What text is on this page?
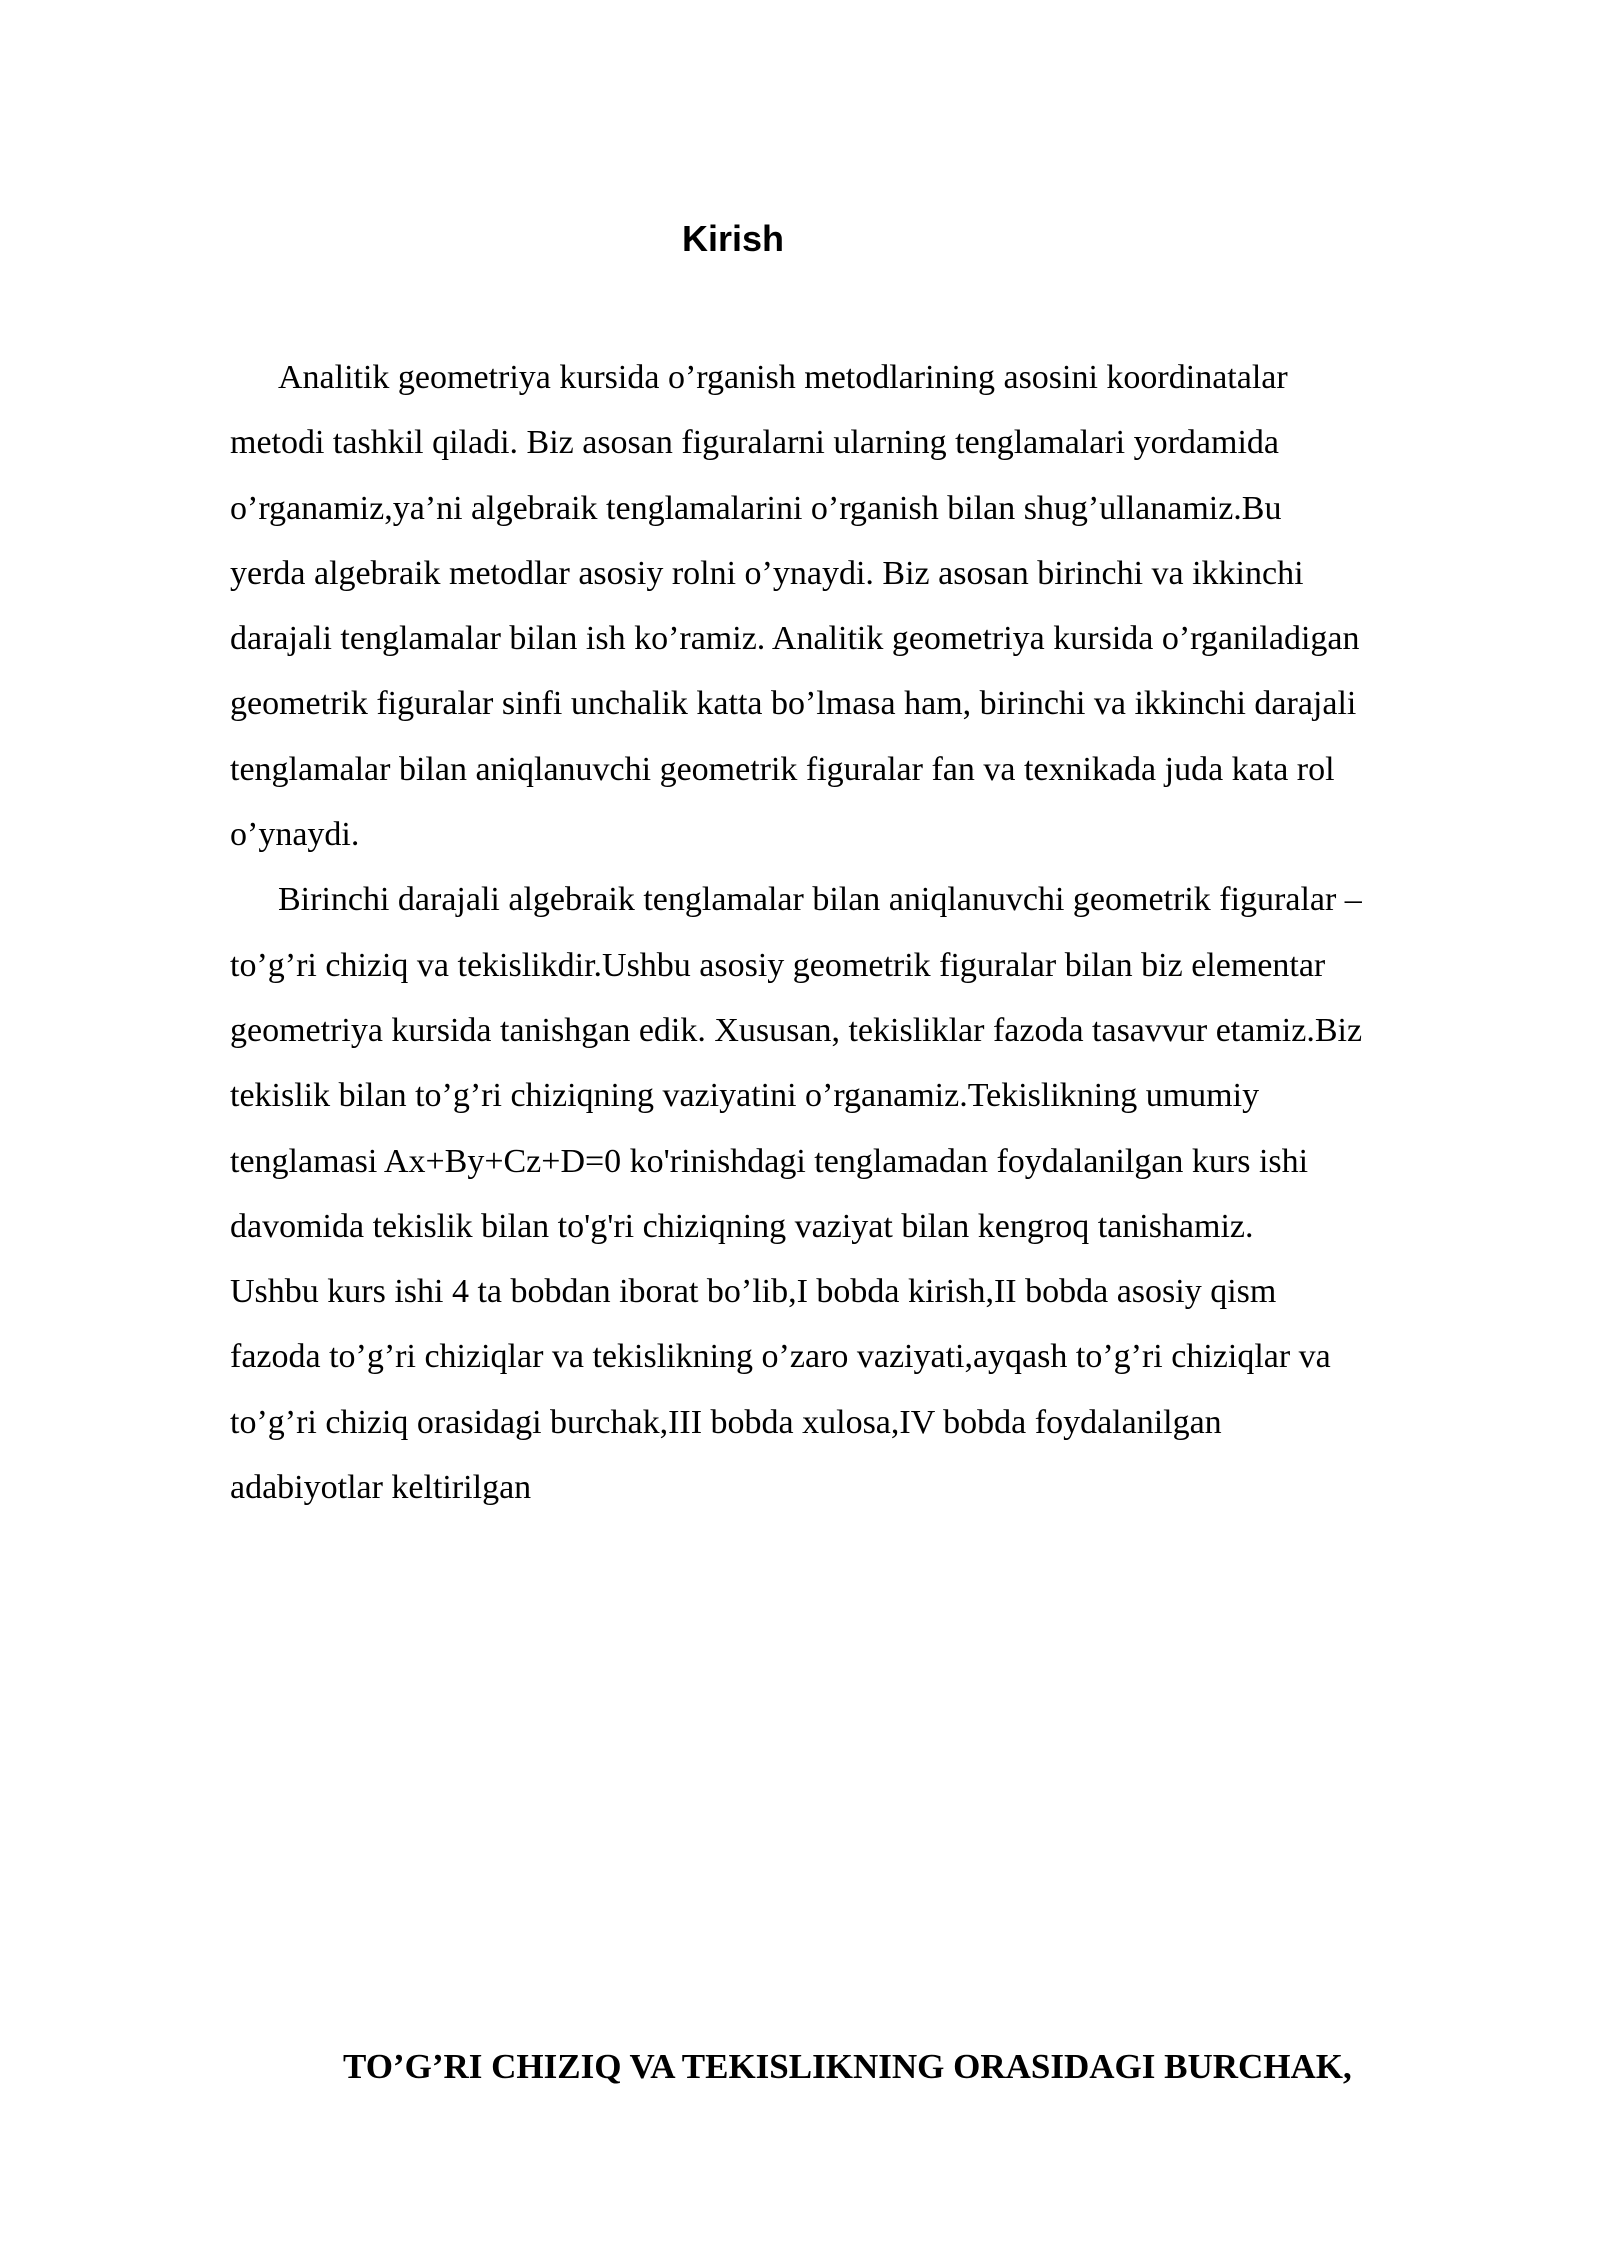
Kirish
Analitik geometriya kursida o’rganish metodlarining asosini koordinatalar
metodi tashkil qiladi. Biz asosan figuralarni ularning tenglamalari yordamida
o’rganamiz,ya’ni algebraik tenglamalarini o’rganish bilan shug’ullanamiz.Bu
yerda algebraik metodlar asosiy rolni o’ynaydi. Biz asosan birinchi va ikkinchi
darajali tenglamalar bilan ish ko’ramiz. Analitik geometriya kursida o’rganiladigan
geometrik figuralar sinfi unchalik katta bo’lmasa ham, birinchi va ikkinchi darajali
tenglamalar bilan aniqlanuvchi geometrik figuralar fan va texnikada juda kata rol
o’ynaydi.
Birinchi darajali algebraik tenglamalar bilan aniqlanuvchi geometrik figuralar –
to’g’ri chiziq va tekislikdir.Ushbu asosiy geometrik figuralar bilan biz elementar
geometriya kursida tanishgan edik. Xususan, tekisliklar fazoda tasavvur etamiz.Biz
tekislik bilan to’g’ri chiziqning vaziyatini o’rganamiz.Tekislikning umumiy
tenglamasi Ax+By+Cz+D=0 ko'rinishdagi tenglamadan foydalanilgan kurs ishi
davomida tekislik bilan to'g'ri chiziqning vaziyat bilan kengroq tanishamiz.
Ushbu kurs ishi 4 ta bobdan iborat bo’lib,I bobda kirish,II bobda asosiy qism
fazoda to’g’ri chiziqlar va tekislikning o’zaro vaziyati,ayqash to’g’ri chiziqlar va
to’g’ri chiziq orasidagi burchak,III bobda xulosa,IV bobda foydalanilgan
adabiyotlar keltirilgan
TO’G’RI CHIZIQ VA TEKISLIKNING ORASIDAGI BURCHAK,
